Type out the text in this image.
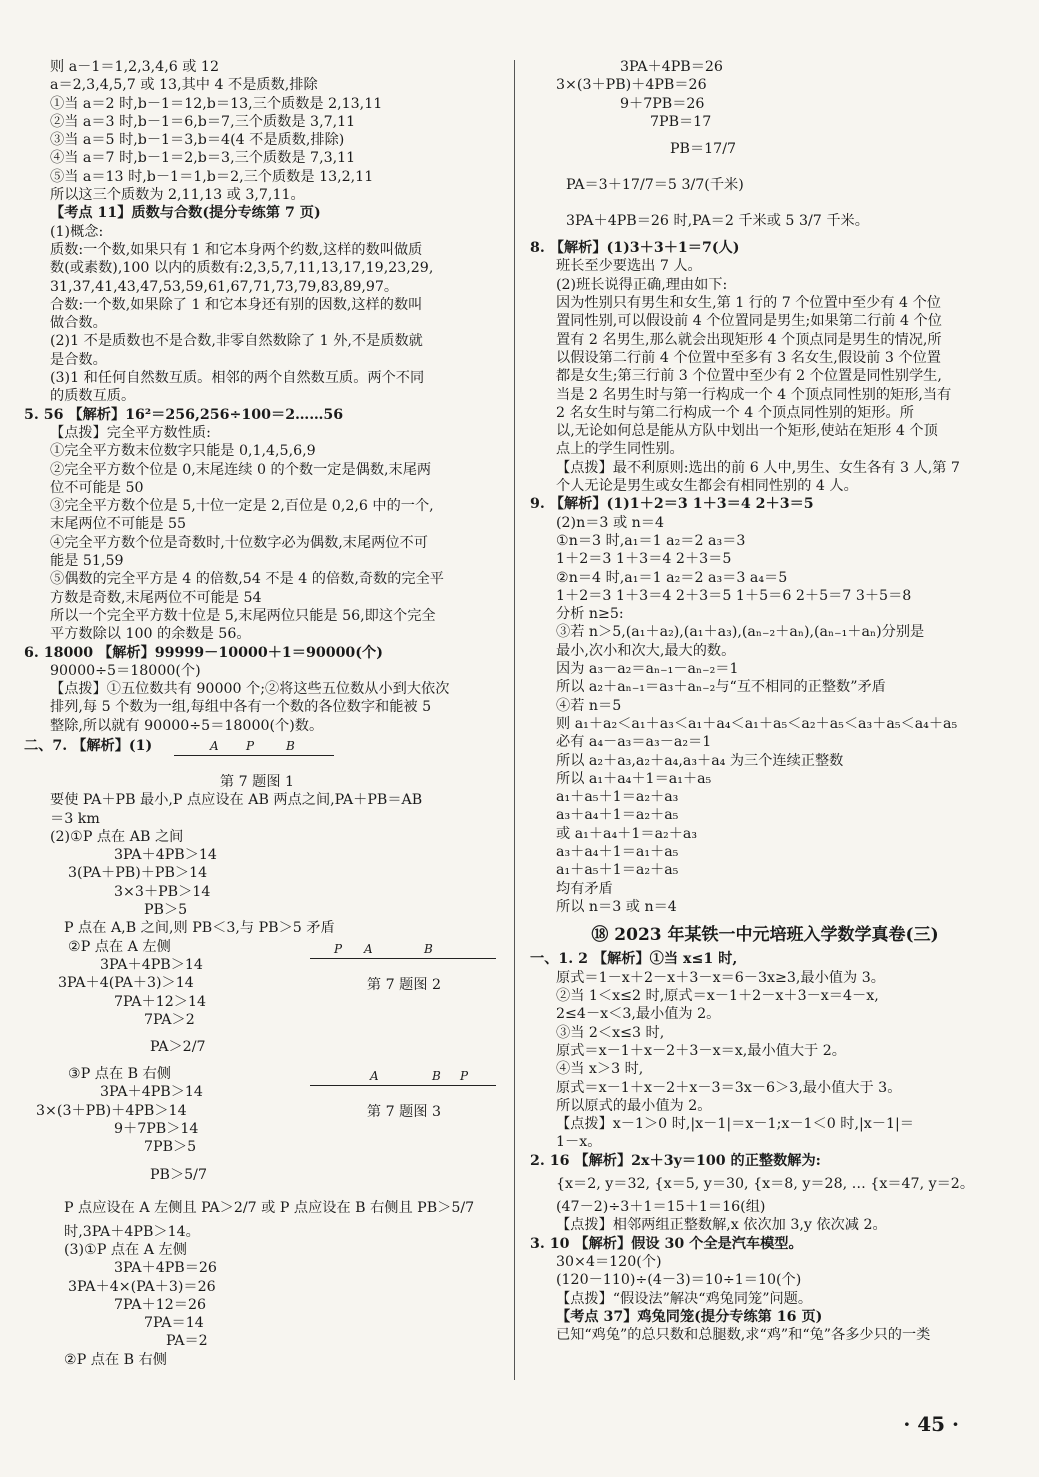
则 a－1＝1,2,3,4,6 或 12
a＝2,3,4,5,7 或 13,其中 4 不是质数,排除
①当 a＝2 时,b－1＝12,b＝13,三个质数是 2,13,11
②当 a＝3 时,b－1＝6,b＝7,三个质数是 3,7,11
③当 a＝5 时,b－1＝3,b＝4(4 不是质数,排除)
④当 a＝7 时,b－1＝2,b＝3,三个质数是 7,3,11
⑤当 a＝13 时,b－1＝1,b＝2,三个质数是 13,2,11
所以这三个质数为 2,11,13 或 3,7,11。
【考点 11】质数与合数(提分专练第 7 页)
(1)概念:
质数:一个数,如果只有 1 和它本身两个约数,这样的数叫做质
数(或素数),100 以内的质数有:2,3,5,7,11,13,17,19,23,29,
31,37,41,43,47,53,59,61,67,71,73,79,83,89,97。
合数:一个数,如果除了 1 和它本身还有别的因数,这样的数叫
做合数。
(2)1 不是质数也不是合数,非零自然数除了 1 外,不是质数就
是合数。
(3)1 和任何自然数互质。相邻的两个自然数互质。两个不同
的质数互质。
5. 56 【解析】16²＝256,256÷100＝2……56
【点拨】完全平方数性质:
①完全平方数末位数字只能是 0,1,4,5,6,9
②完全平方数个位是 0,末尾连续 0 的个数一定是偶数,末尾两
位不可能是 50
③完全平方数个位是 5,十位一定是 2,百位是 0,2,6 中的一个,
末尾两位不可能是 55
④完全平方数个位是奇数时,十位数字必为偶数,末尾两位不可
能是 51,59
⑤偶数的完全平方是 4 的倍数,54 不是 4 的倍数,奇数的完全平
方数是奇数,末尾两位不可能是 54
所以一个完全平方数十位是 5,末尾两位只能是 56,即这个完全
平方数除以 100 的余数是 56。
6. 18000 【解析】99999－10000＋1＝90000(个)
90000÷5＝18000(个)
【点拨】①五位数共有 90000 个;②将这些五位数从小到大依次
排列,每 5 个数为一组,每组中各有一个数的各位数字和能被 5
整除,所以就有 90000÷5＝18000(个)数。
二、7. 【解析】(1)	A P	B
第 7 题图 1
要使 PA＋PB 最小,P 点应设在 AB 两点之间,PA＋PB＝AB
＝3 km
(2)①P 点在 AB 之间
3PA＋4PB＞14
3(PA＋PB)＋PB＞14
3×3＋PB＞14
PB＞5
P 点在 A,B 之间,则 PB＜3,与 PB＞5 矛盾
②P 点在 A 左侧
3PA＋4PB＞14
3PA＋4(PA＋3)＞14
7PA＋12＞14
7PA＞2
PA＞2/7
P A	B
第 7 题图 2
③P 点在 B 右侧
3PA＋4PB＞14
3×(3＋PB)＋4PB＞14
9＋7PB＞14
7PB＞5
PB＞5/7
A	B P
第 7 题图 3
P 点应设在 A 左侧且 PA＞2/7 或 P 点应设在 B 右侧且 PB＞5/7
时,3PA＋4PB＞14。
(3)①P 点在 A 左侧
3PA＋4PB＝26
3PA＋4×(PA＋3)＝26
7PA＋12＝26
7PA＝14
PA＝2
②P 点在 B 右侧
3PA＋4PB＝26
3×(3＋PB)＋4PB＝26
9＋7PB＝26
7PB＝17
PB＝17/7
PA＝3＋17/7＝5 3/7(千米)
3PA＋4PB＝26 时,PA＝2 千米或 5 3/7 千米。
8. 【解析】(1)3＋3＋1＝7(人)
班长至少要选出 7 人。
(2)班长说得正确,理由如下:
因为性别只有男生和女生,第 1 行的 7 个位置中至少有 4 个位
置同性别,可以假设前 4 个位置同是男生;如果第二行前 4 个位
置有 2 名男生,那么就会出现矩形 4 个顶点同是男生的情况,所
以假设第二行前 4 个位置中至多有 3 名女生,假设前 3 个位置
都是女生;第三行前 3 个位置中至少有 2 个位置是同性别学生,
当是 2 名男生时与第一行构成一个 4 个顶点同性别的矩形,当有
2 名女生时与第二行构成一个 4 个顶点同性别的矩形。所
以,无论如何总是能从方队中划出一个矩形,使站在矩形 4 个顶
点上的学生同性别。
【点拨】最不利原则:选出的前 6 人中,男生、女生各有 3 人,第 7
个人无论是男生或女生都会有相同性别的 4 人。
9. 【解析】(1)1＋2＝3 1＋3＝4 2＋3＝5
(2)n＝3 或 n＝4
①n＝3 时,a₁＝1 a₂＝2 a₃＝3
1＋2＝3 1＋3＝4 2＋3＝5
②n＝4 时,a₁＝1 a₂＝2 a₃＝3 a₄＝5
1＋2＝3 1＋3＝4 2＋3＝5 1＋5＝6 2＋5＝7 3＋5＝8
分析 n≥5:
③若 n＞5,(a₁＋a₂),(a₁＋a₃),(aₙ₋₂＋aₙ),(aₙ₋₁＋aₙ)分别是
最小,次小和次大,最大的数。
因为 a₃－a₂＝aₙ₋₁－aₙ₋₂＝1
所以 a₂＋aₙ₋₁＝a₃＋aₙ₋₂与“互不相同的正整数”矛盾
④若 n＝5
则 a₁＋a₂＜a₁＋a₃＜a₁＋a₄＜a₁＋a₅＜a₂＋a₅＜a₃＋a₅＜a₄＋a₅
必有 a₄－a₃＝a₃－a₂＝1
所以 a₂＋a₃,a₂＋a₄,a₃＋a₄ 为三个连续正整数
所以 a₁＋a₄＋1＝a₁＋a₅
a₁＋a₅＋1＝a₂＋a₃
a₃＋a₄＋1＝a₂＋a₅
或 a₁＋a₄＋1＝a₂＋a₃
a₃＋a₄＋1＝a₁＋a₅
a₁＋a₅＋1＝a₂＋a₅
均有矛盾
所以 n＝3 或 n＝4
⑱ 2023 年某铁一中元培班入学数学真卷(三)
一、1. 2 【解析】①当 x≤1 时,
原式＝1－x＋2－x＋3－x＝6－3x≥3,最小值为 3。
②当 1＜x≤2 时,原式＝x－1＋2－x＋3－x＝4－x,
2≤4－x＜3,最小值为 2。
③当 2＜x≤3 时,
原式＝x－1＋x－2＋3－x＝x,最小值大于 2。
④当 x＞3 时,
原式＝x－1＋x－2＋x－3＝3x－6＞3,最小值大于 3。
所以原式的最小值为 2。
【点拨】x－1＞0 时,|x－1|＝x－1;x－1＜0 时,|x－1|＝
1－x。
2. 16 【解析】2x＋3y＝100 的正整数解为:
{x＝2, y＝32, {x＝5, y＝30, {x＝8, y＝28, … {x＝47, y＝2。
(47－2)÷3＋1＝15＋1＝16(组)
【点拨】相邻两组正整数解,x 依次加 3,y 依次减 2。
3. 10 【解析】假设 30 个全是汽车模型。
30×4＝120(个)
(120－110)÷(4－3)＝10÷1＝10(个)
【点拨】“假设法”解决“鸡兔同笼”问题。
【考点 37】鸡兔同笼(提分专练第 16 页)
已知“鸡兔”的总只数和总腿数,求“鸡”和“兔”各多少只的一类
· 45 ·
